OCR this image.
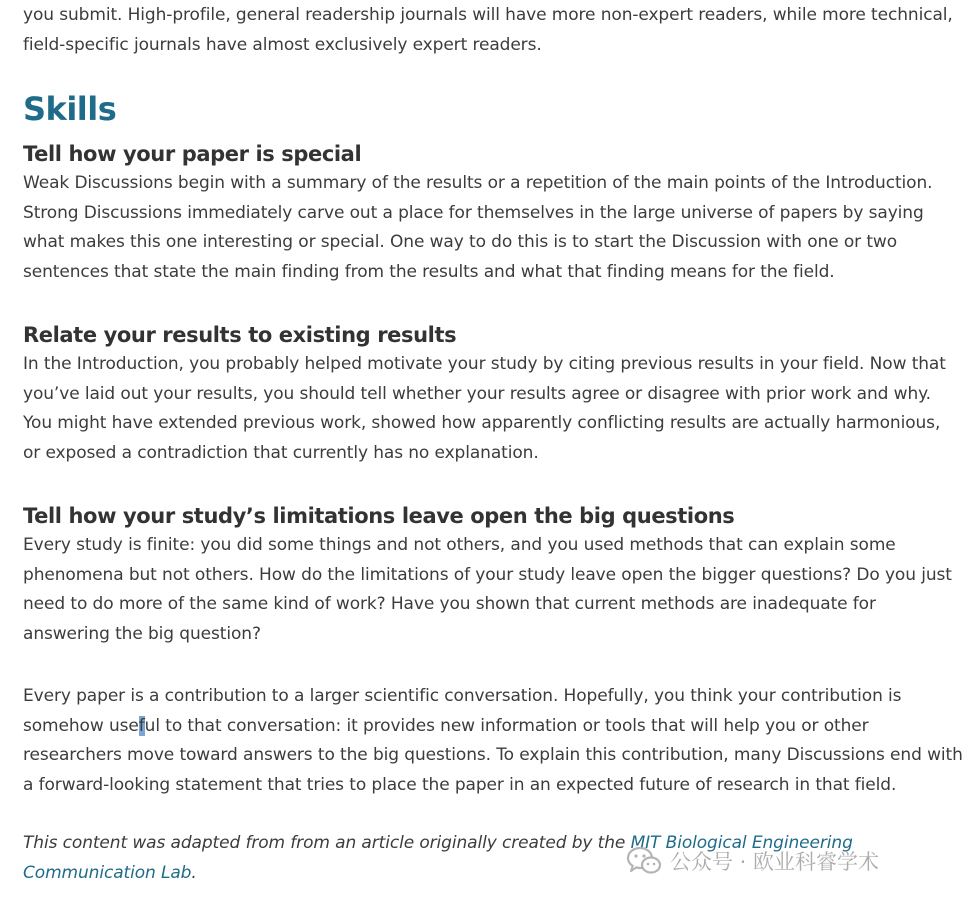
you submit. High-profile, general readership journals will have more non-expert readers, while more technical, field-specific journals have almost exclusively expert readers.

Skills
Tell how your paper is special

Weak Discussions begin with a summary of the results or a repetition of the main points of the Introduction. Strong Discussions immediately carve out a place for themselves in the large universe of papers by saying what makes this one interesting or special. One way to do this is to start the Discussion with one or two sentences that state the main finding from the results and what that finding means for the field.

Relate your results to existing results

In the Introduction, you probably helped motivate your study by citing previous results in your field. Now that you’ve laid out your results, you should tell whether your results agree or disagree with prior work and why. You might have extended previous work, showed how apparently conflicting results are actually harmonious, or exposed a contradiction that currently has no explanation.

Tell how your study’s limitations leave open the big questions

Every study is finite: you did some things and not others, and you used methods that can explain some phenomena but not others. How do the limitations of your study leave open the bigger questions? Do you just need to do more of the same kind of work? Have you shown that current methods are inadequate for answering the big question?

Every paper is a contribution to a larger scientific conversation. Hopefully, you think your contribution is somehow useful to that conversation: it provides new information or tools that will help you or other researchers move toward answers to the big questions. To explain this contribution, many Discussions end with a forward-looking statement that tries to place the paper in an expected future of research in that field.

This content was adapted from from an article originally created by the MIT Biological Engineering Communication Lab.	公众号 · 欧业科睿学术
